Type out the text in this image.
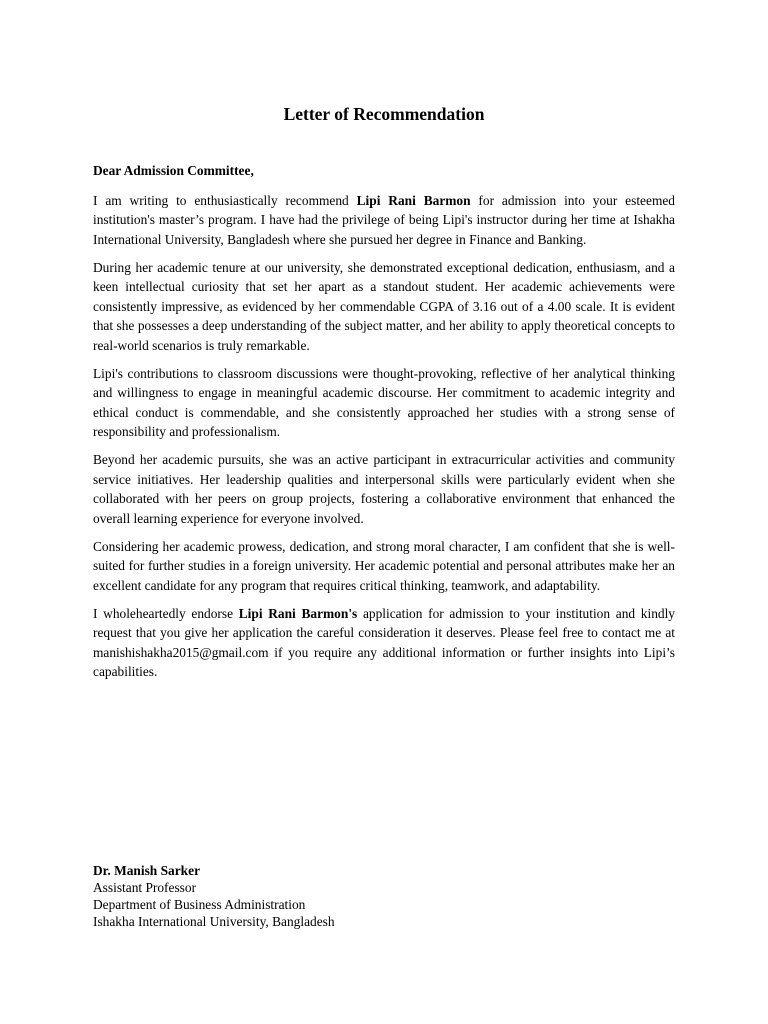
Letter of Recommendation

Dear Admission Committee,

I am writing to enthusiastically recommend Lipi Rani Barmon for admission into your esteemed institution's master’s program. I have had the privilege of being Lipi's instructor during her time at Ishakha International University, Bangladesh where she pursued her degree in Finance and Banking.

During her academic tenure at our university, she demonstrated exceptional dedication, enthusiasm, and a keen intellectual curiosity that set her apart as a standout student. Her academic achievements were consistently impressive, as evidenced by her commendable CGPA of 3.16 out of a 4.00 scale. It is evident that she possesses a deep understanding of the subject matter, and her ability to apply theoretical concepts to real-world scenarios is truly remarkable.

Lipi's contributions to classroom discussions were thought-provoking, reflective of her analytical thinking and willingness to engage in meaningful academic discourse. Her commitment to academic integrity and ethical conduct is commendable, and she consistently approached her studies with a strong sense of responsibility and professionalism.

Beyond her academic pursuits, she was an active participant in extracurricular activities and community service initiatives. Her leadership qualities and interpersonal skills were particularly evident when she collaborated with her peers on group projects, fostering a collaborative environment that enhanced the overall learning experience for everyone involved.

Considering her academic prowess, dedication, and strong moral character, I am confident that she is well-suited for further studies in a foreign university. Her academic potential and personal attributes make her an excellent candidate for any program that requires critical thinking, teamwork, and adaptability.

I wholeheartedly endorse Lipi Rani Barmon's application for admission to your institution and kindly request that you give her application the careful consideration it deserves. Please feel free to contact me at manishishakha2015@gmail.com if you require any additional information or further insights into Lipi’s capabilities.

Dr. Manish Sarker
Assistant Professor
Department of Business Administration
Ishakha International University, Bangladesh
